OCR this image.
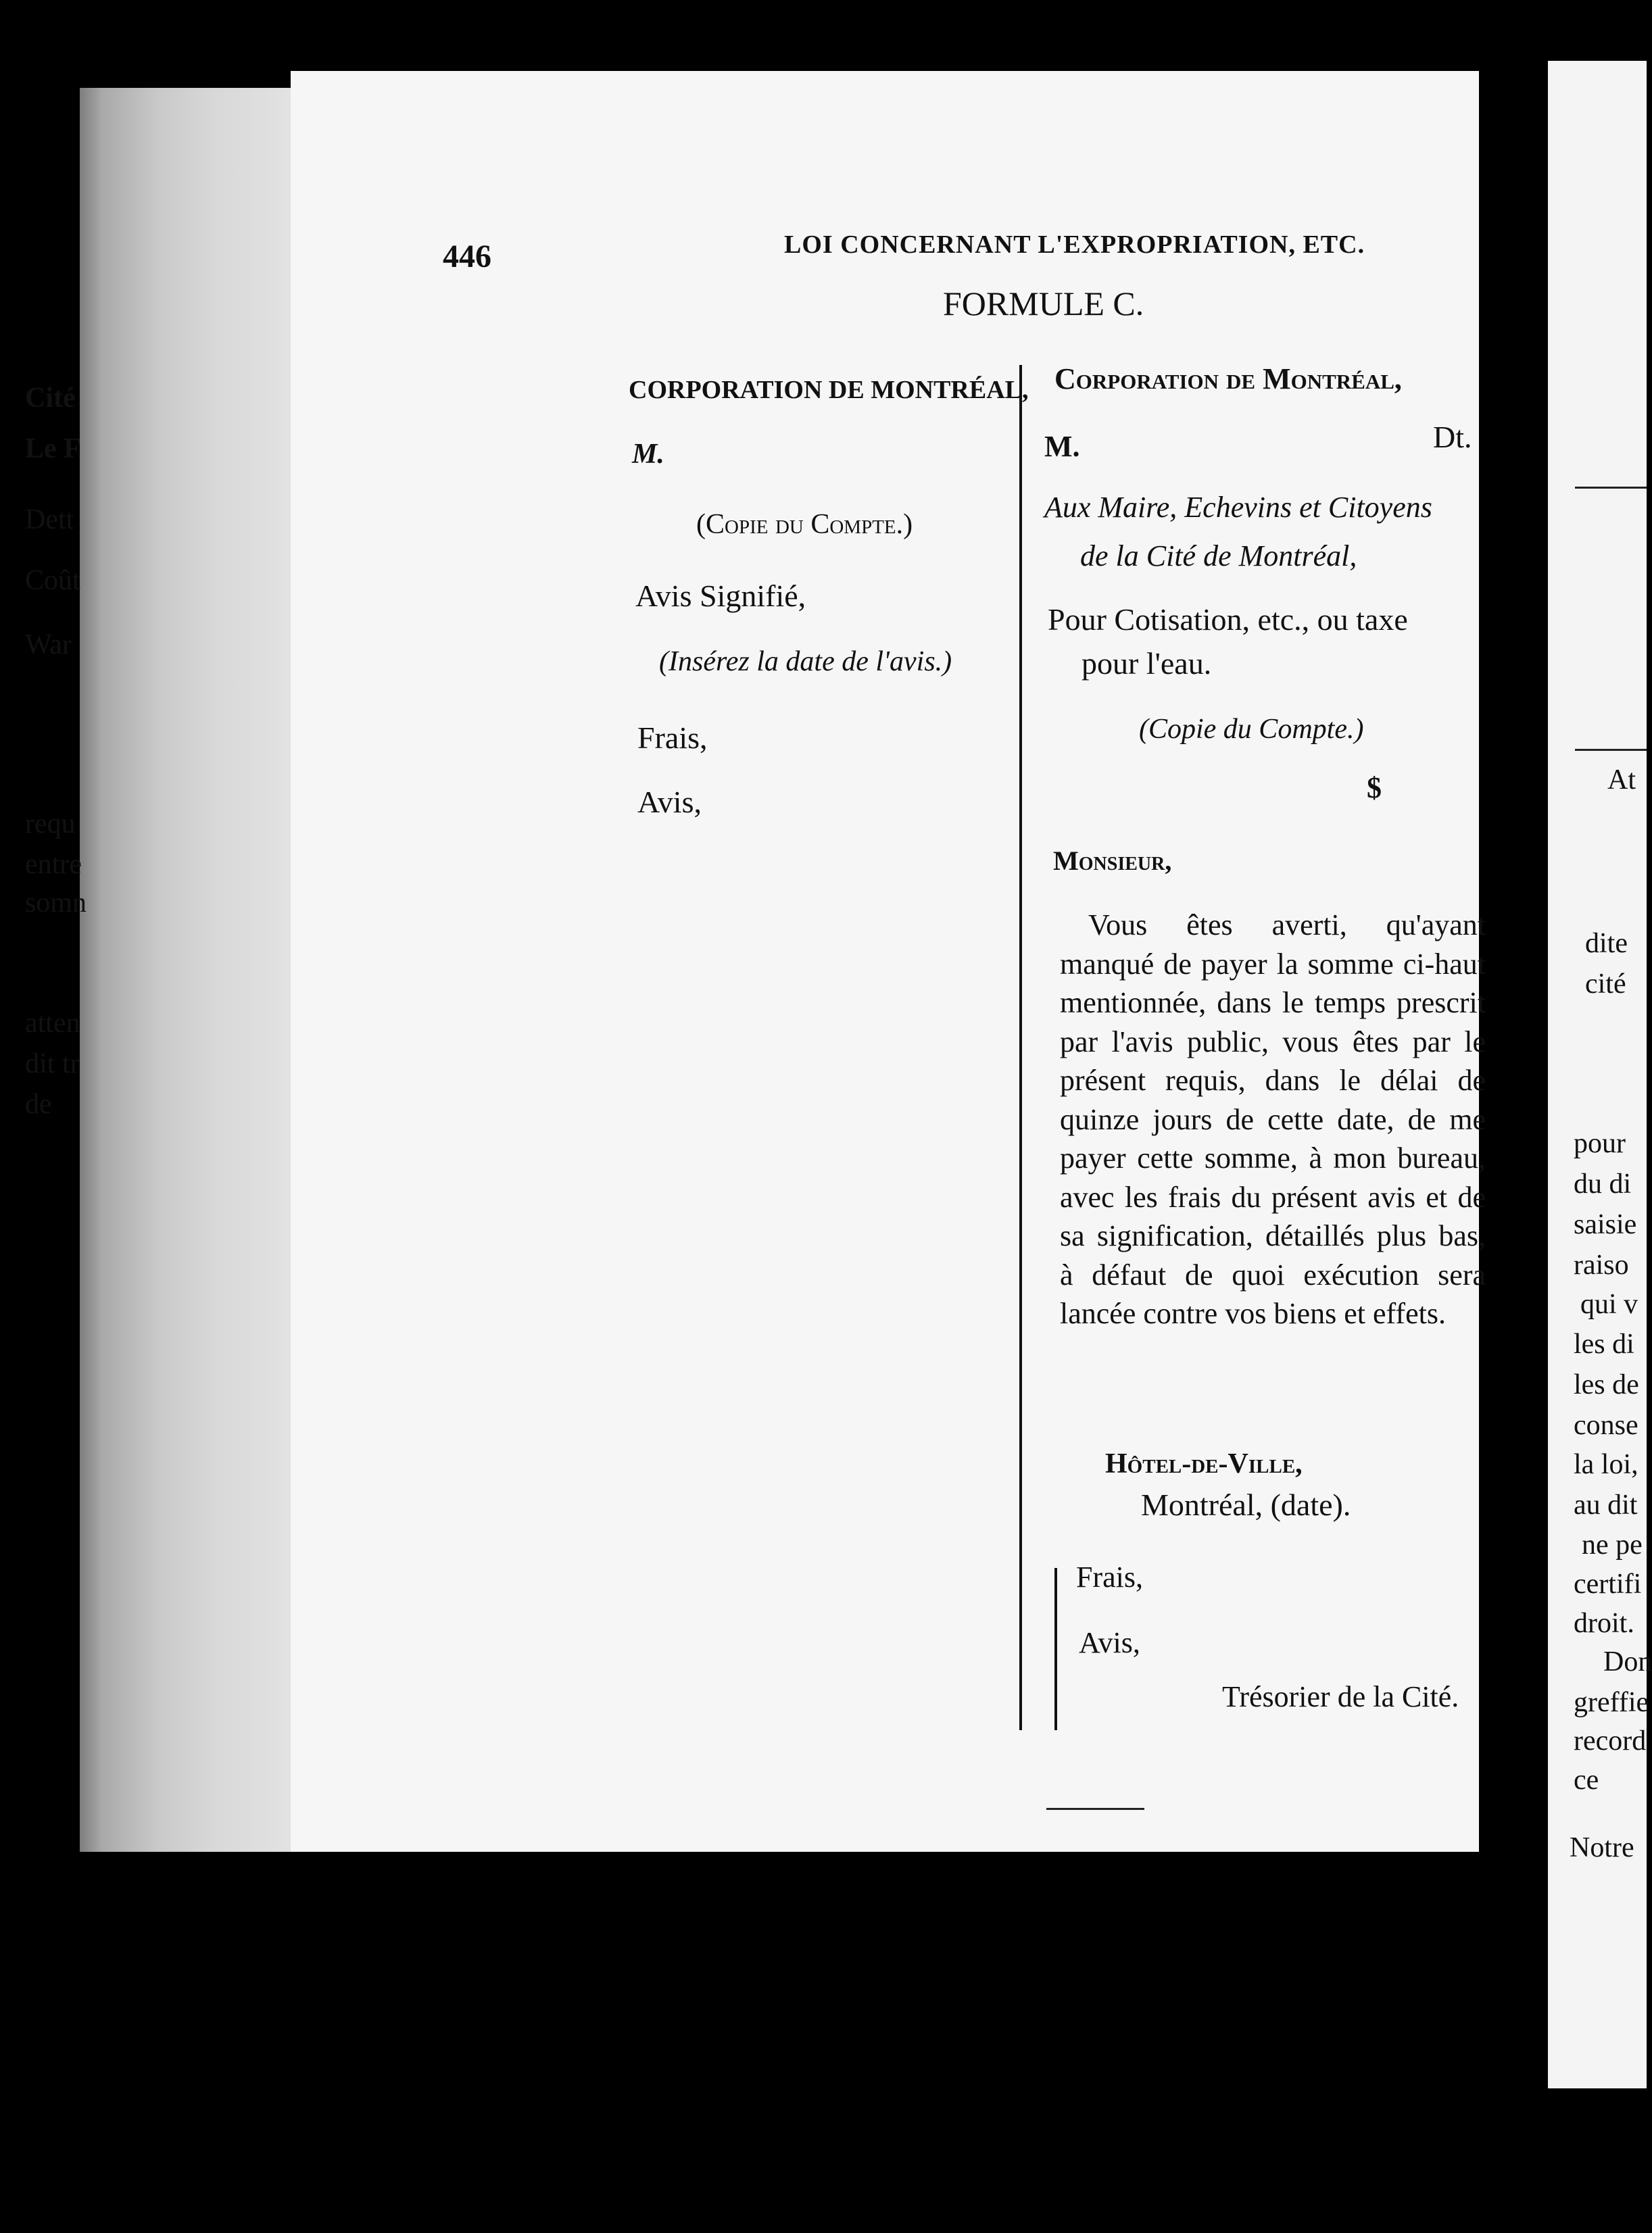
446	LOI CONCERNANT L'EXPROPRIATION, ETC.
FORMULE C.
CORPORATION DE MONTRÉAL,
M.
(Copie du Compte.)
Avis Signifié,
(Insérez la date de l'avis.)
Frais,
Avis,
Corporation de Montréal,
M.	Dt.
Aux Maire, Echevins et Citoyens
de la Cité de Montréal,
Pour Cotisation, etc., ou taxe
pour l'eau.
(Copie du Compte.)
$
Monsieur,
Vous êtes averti, qu'ayant manqué de payer la somme ci-haut mentionnée, dans le temps prescrit par l'avis public, vous êtes par le présent requis, dans le délai de quinze jours de cette date, de me payer cette somme, à mon bureau, avec les frais du présent avis et de sa signification, détaillés plus bas, à défaut de quoi exécution sera lancée contre vos biens et effets.
Hôtel-de-Ville,
Montréal, (date).
Frais,
Avis,
Trésorier de la Cité.
Cité
Le F
Dett
Coût
War
At
requ
entre
somn
dite
cité
atten
dit tr
de
pour
du di
saisie
raiso
qui v
les di
les de
conse
la loi,
au dit
ne pe
certifi
droit.
Don
greffie
record
ce
Notre
